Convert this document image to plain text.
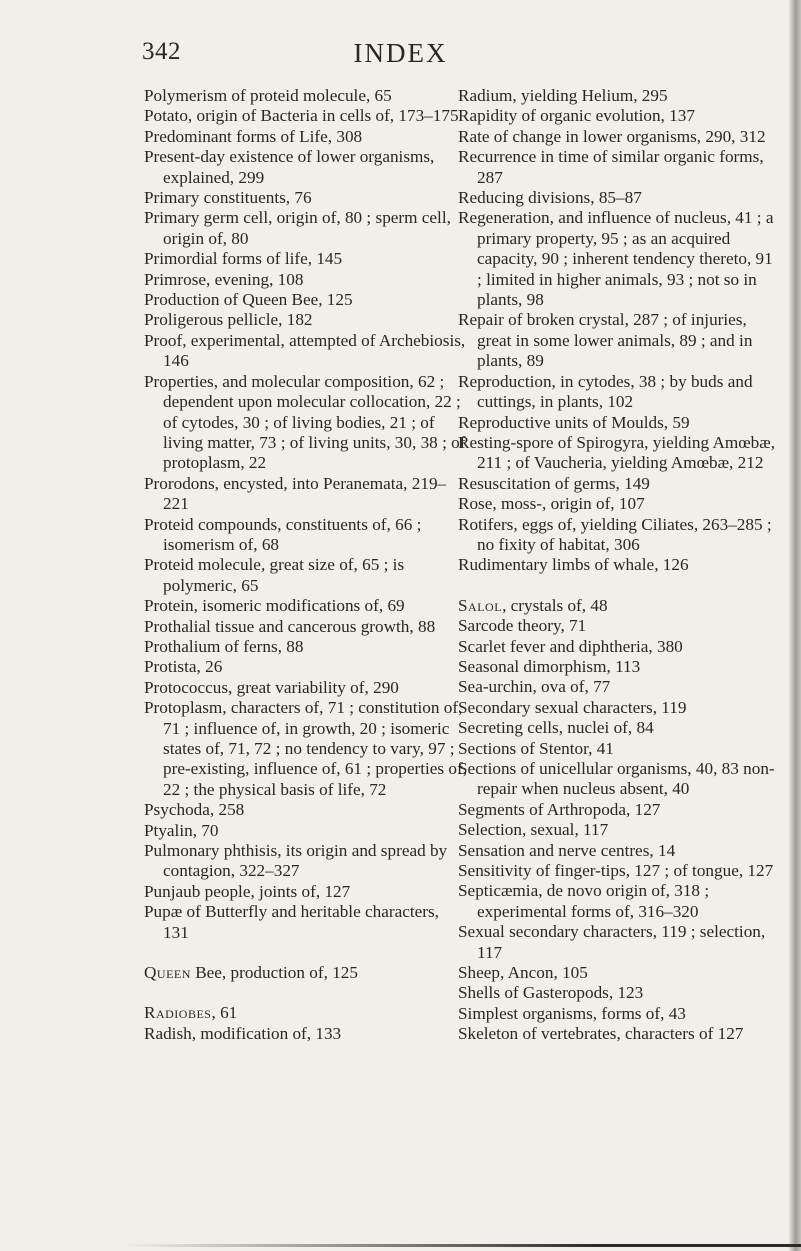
342	INDEX

Polymerism of proteid molecule, 65

Potato, origin of Bacteria in cells of, 173–175

Predominant forms of Life, 308

Present-day existence of lower organisms, explained, 299

Primary constituents, 76

Primary germ cell, origin of, 80 ; sperm cell, origin of, 80

Primordial forms of life, 145

Primrose, evening, 108

Production of Queen Bee, 125

Proligerous pellicle, 182

Proof, experimental, attempted of Archebiosis, 146

Properties, and molecular composition, 62 ; dependent upon molecular collocation, 22 ; of cytodes, 30 ; of living bodies, 21 ; of living matter, 73 ; of living units, 30, 38 ; of protoplasm, 22

Prorodons, encysted, into Peranemata, 219–221

Proteid compounds, constituents of, 66 ; isomerism of, 68

Proteid molecule, great size of, 65 ; is polymeric, 65

Protein, isomeric modifications of, 69

Prothalial tissue and cancerous growth, 88

Prothalium of ferns, 88

Protista, 26

Protococcus, great variability of, 290

Protoplasm, characters of, 71 ; constitution of, 71 ; influence of, in growth, 20 ; isomeric states of, 71, 72 ; no tendency to vary, 97 ; pre-existing, influence of, 61 ; properties of, 22 ; the physical basis of life, 72

Psychoda, 258

Ptyalin, 70

Pulmonary phthisis, its origin and spread by contagion, 322–327

Punjaub people, joints of, 127

Pupæ of Butterfly and heritable characters, 131

Queen Bee, production of, 125

Radiobes, 61

Radish, modification of, 133

Radium, yielding Helium, 295

Rapidity of organic evolution, 137

Rate of change in lower organisms, 290, 312

Recurrence in time of similar organic forms, 287

Reducing divisions, 85–87

Regeneration, and influence of nucleus, 41 ; a primary property, 95 ; as an acquired capacity, 90 ; inherent tendency thereto, 91 ; limited in higher animals, 93 ; not so in plants, 98

Repair of broken crystal, 287 ; of injuries, great in some lower animals, 89 ; and in plants, 89

Reproduction, in cytodes, 38 ; by buds and cuttings, in plants, 102

Reproductive units of Moulds, 59

Resting-spore of Spirogyra, yielding Amœbæ, 211 ; of Vaucheria, yielding Amœbæ, 212

Resuscitation of germs, 149

Rose, moss-, origin of, 107

Rotifers, eggs of, yielding Ciliates, 263–285 ; no fixity of habitat, 306

Rudimentary limbs of whale, 126

Salol, crystals of, 48

Sarcode theory, 71

Scarlet fever and diphtheria, 380

Seasonal dimorphism, 113

Sea-urchin, ova of, 77

Secondary sexual characters, 119

Secreting cells, nuclei of, 84

Sections of Stentor, 41

Sections of unicellular organisms, 40, 83 non-repair when nucleus absent, 40

Segments of Arthropoda, 127

Selection, sexual, 117

Sensation and nerve centres, 14

Sensitivity of finger-tips, 127 ; of tongue, 127

Septicæmia, de novo origin of, 318 ; experimental forms of, 316–320

Sexual secondary characters, 119 ; selection, 117

Sheep, Ancon, 105

Shells of Gasteropods, 123

Simplest organisms, forms of, 43

Skeleton of vertebrates, characters of 127
